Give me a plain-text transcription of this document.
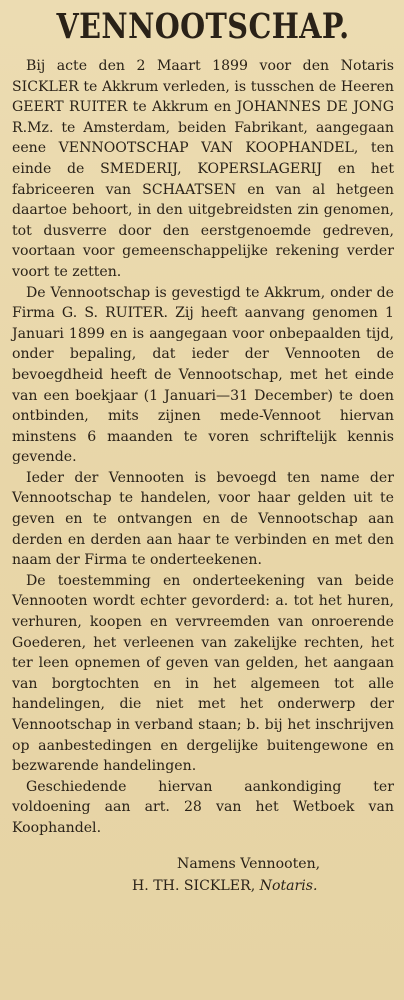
VENNOOTSCHAP.

Bij acte den 2 Maart 1899 voor den Notaris SICKLER te Akkrum verleden, is tusschen de Heeren GEERT RUITER te Akkrum en JOHANNES DE JONG R.Mz. te Amsterdam, beiden Fabrikant, aangegaan eene VENNOOTSCHAP VAN KOOPHANDEL, ten einde de SMEDERIJ, KOPERSLAGERIJ en het fabriceeren van SCHAATSEN en van al hetgeen daartoe behoort, in den uitgebreidsten zin genomen, tot dusverre door den eerstgenoemde gedreven, voortaan voor gemeenschappelijke rekening verder voort te zetten.

De Vennootschap is gevestigd te Akkrum, onder de Firma G. S. RUITER. Zij heeft aanvang genomen 1 Januari 1899 en is aangegaan voor onbepaalden tijd, onder bepaling, dat ieder der Vennooten de bevoegdheid heeft de Vennootschap, met het einde van een boekjaar (1 Januari—31 December) te doen ontbinden, mits zijnen mede-Vennoot hiervan minstens 6 maanden te voren schriftelijk kennis gevende.

Ieder der Vennooten is bevoegd ten name der Vennootschap te handelen, voor haar gelden uit te geven en te ontvangen en de Vennootschap aan derden en derden aan haar te verbinden en met den naam der Firma te onderteekenen.

De toestemming en onderteekening van beide Vennooten wordt echter gevorderd: a. tot het huren, verhuren, koopen en vervreemden van onroerende Goederen, het verleenen van zakelijke rechten, het ter leen opnemen of geven van gelden, het aangaan van borgtochten en in het algemeen tot alle handelingen, die niet met het onderwerp der Vennootschap in verband staan; b. bij het inschrijven op aanbestedingen en dergelijke buitengewone en bezwarende handelingen.

Geschiedende hiervan aankondiging ter voldoening aan art. 28 van het Wetboek van Koophandel.

Namens Vennooten,
H. TH. SICKLER, Notaris.
